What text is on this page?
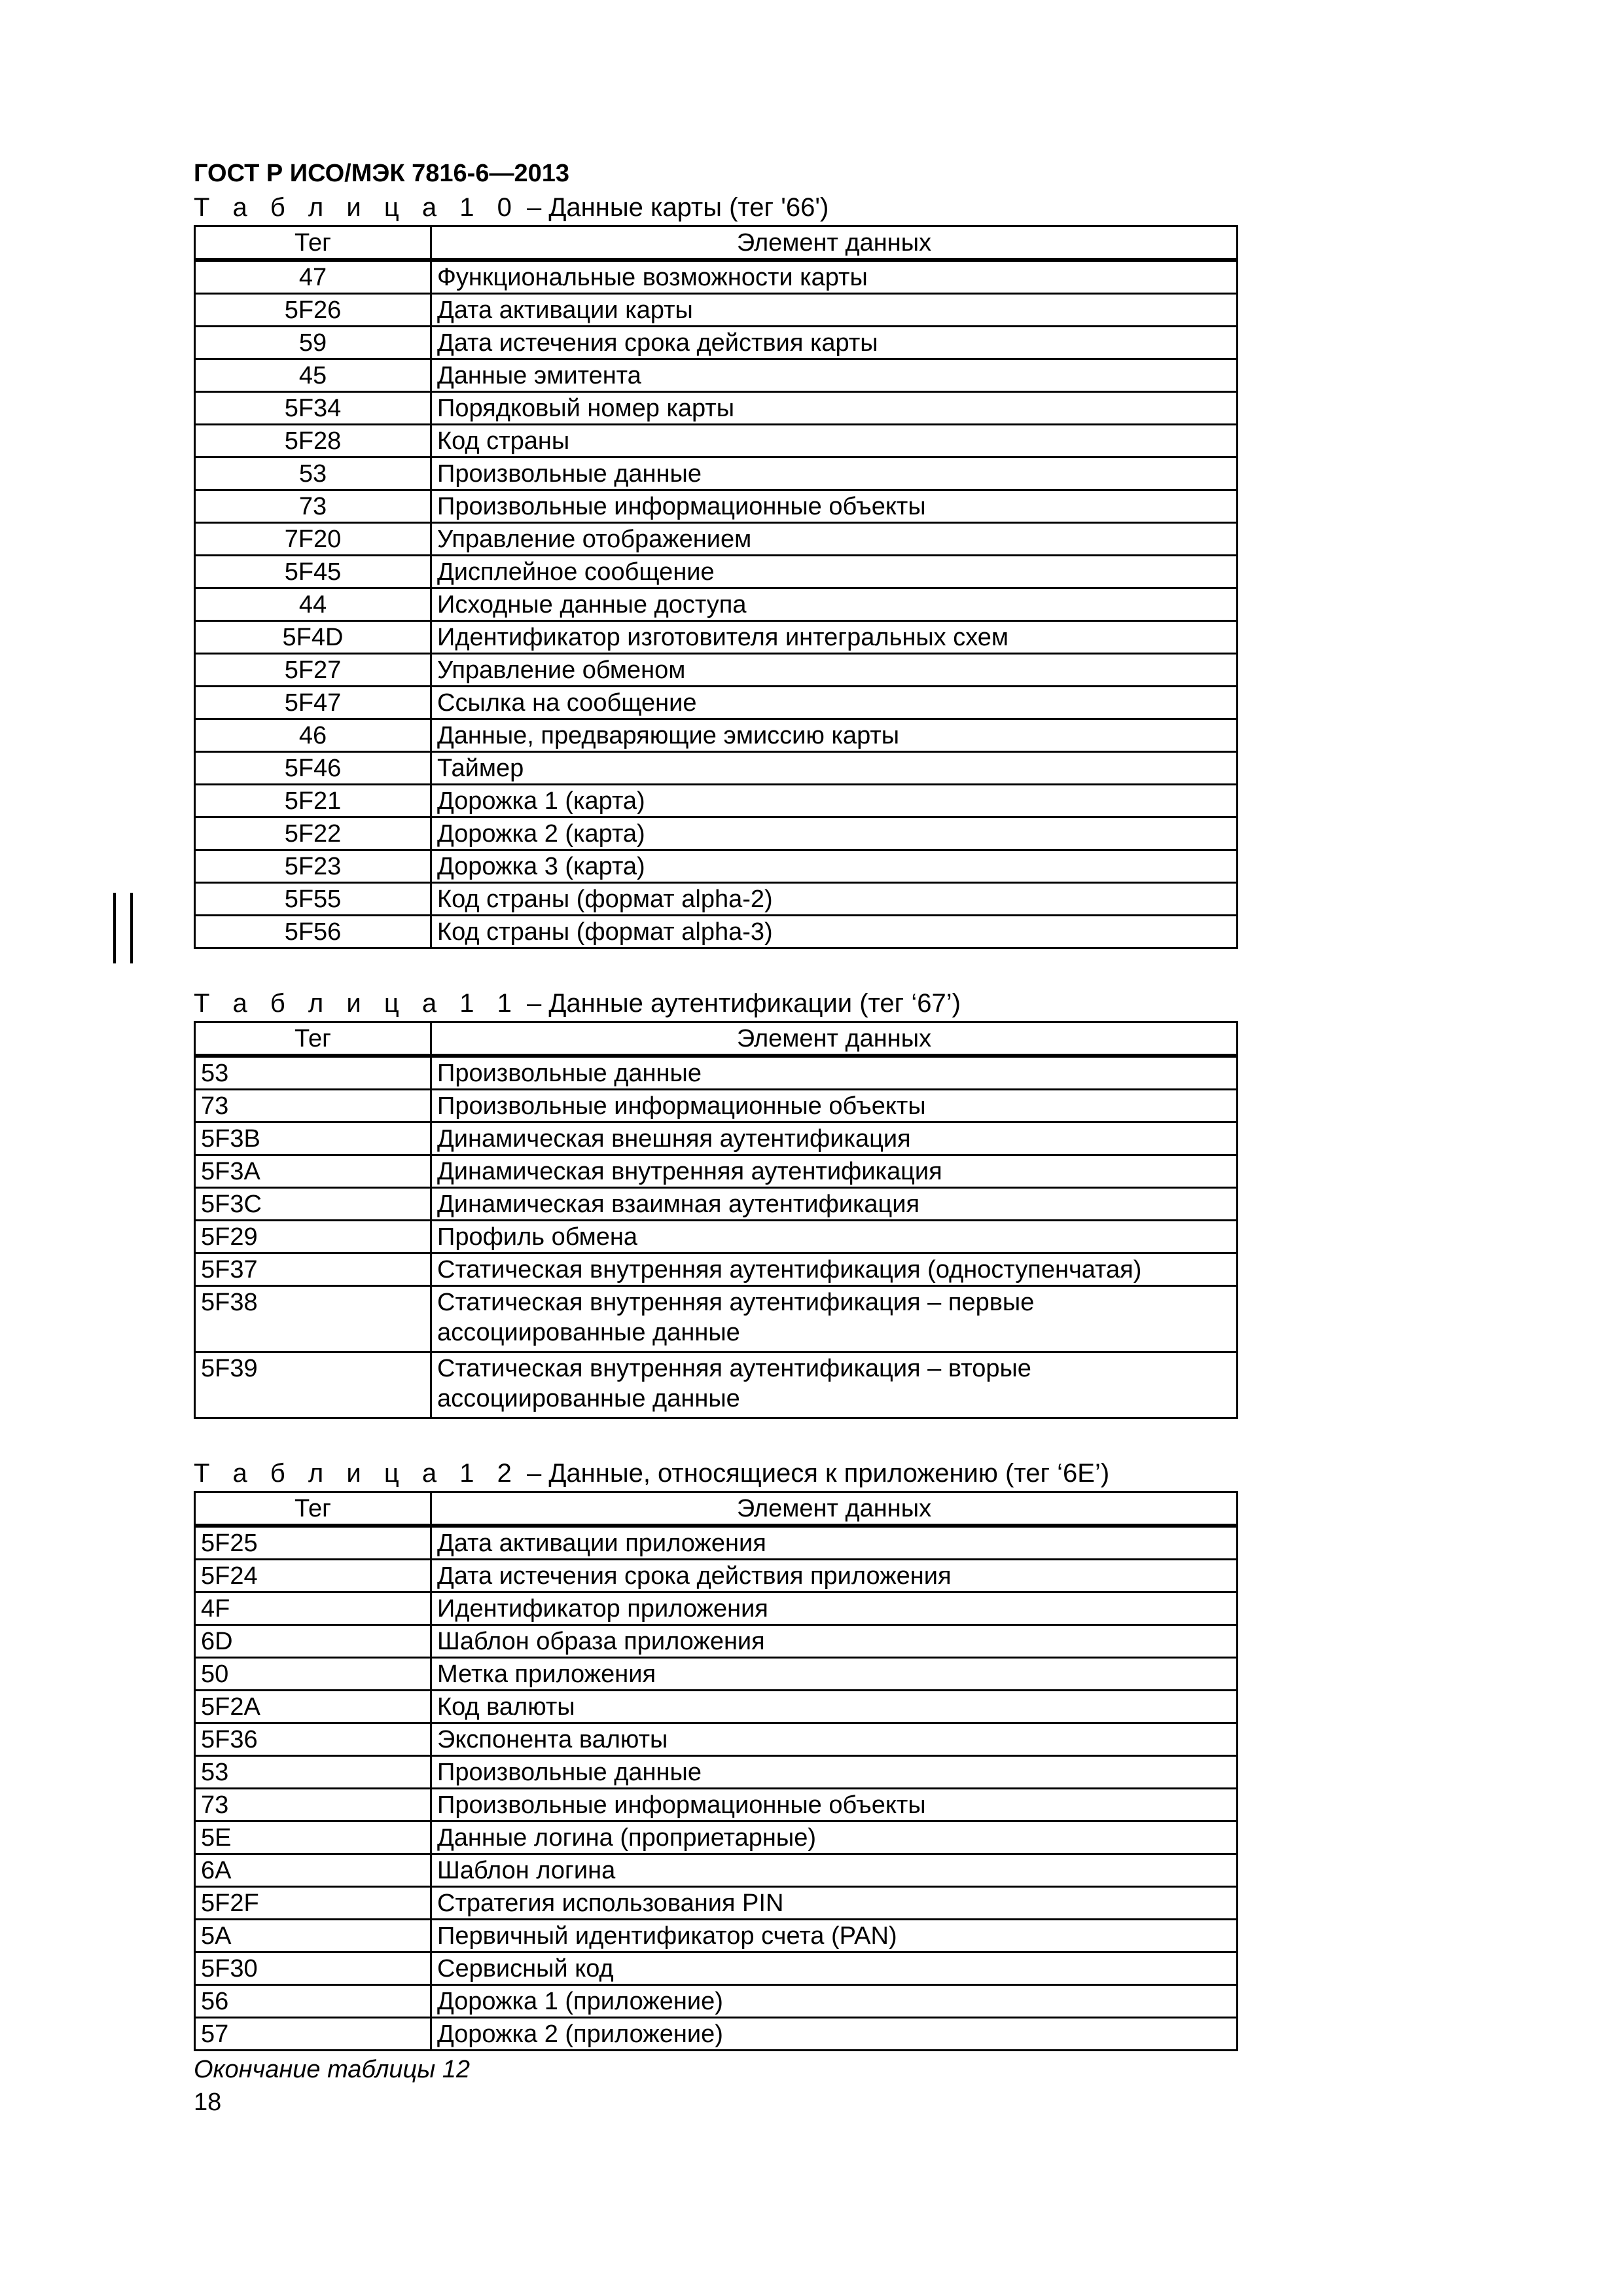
ГОСТ Р ИСО/МЭК 7816-6—2013
Т а б л и ц а 1 0 – Данные карты (тег '66')
Тег	Элемент данных
47	Функциональные возможности карты
5F26	Дата активации карты
59	Дата истечения срока действия карты
45	Данные эмитента
5F34	Порядковый номер карты
5F28	Код страны
53	Произвольные данные
73	Произвольные информационные объекты
7F20	Управление отображением
5F45	Дисплейное сообщение
44	Исходные данные доступа
5F4D	Идентификатор изготовителя интегральных схем
5F27	Управление обменом
5F47	Ссылка на сообщение
46	Данные, предваряющие эмиссию карты
5F46	Таймер
5F21	Дорожка 1 (карта)
5F22	Дорожка 2 (карта)
5F23	Дорожка 3 (карта)
5F55	Код страны (формат alpha-2)
5F56	Код страны (формат alpha-3)
Т а б л и ц а 1 1 – Данные аутентификации (тег ‘67’)
Тег	Элемент данных
53	Произвольные данные
73	Произвольные информационные объекты
5F3B	Динамическая внешняя аутентификация
5F3A	Динамическая внутренняя аутентификация
5F3C	Динамическая взаимная аутентификация
5F29	Профиль обмена
5F37	Статическая внутренняя аутентификация (одноступенчатая)
5F38	Статическая внутренняя аутентификация – первые ассоциированные данные
5F39	Статическая внутренняя аутентификация – вторые ассоциированные данные
Т а б л и ц а 1 2 – Данные, относящиеся к приложению (тег ‘6E’)
Тег	Элемент данных
5F25	Дата активации приложения
5F24	Дата истечения срока действия приложения
4F	Идентификатор приложения
6D	Шаблон образа приложения
50	Метка приложения
5F2A	Код валюты
5F36	Экспонента валюты
53	Произвольные данные
73	Произвольные информационные объекты
5E	Данные логина (проприетарные)
6A	Шаблон логина
5F2F	Стратегия использования PIN
5A	Первичный идентификатор счета (PAN)
5F30	Сервисный код
56	Дорожка 1 (приложение)
57	Дорожка 2 (приложение)
Окончание таблицы 12
18
